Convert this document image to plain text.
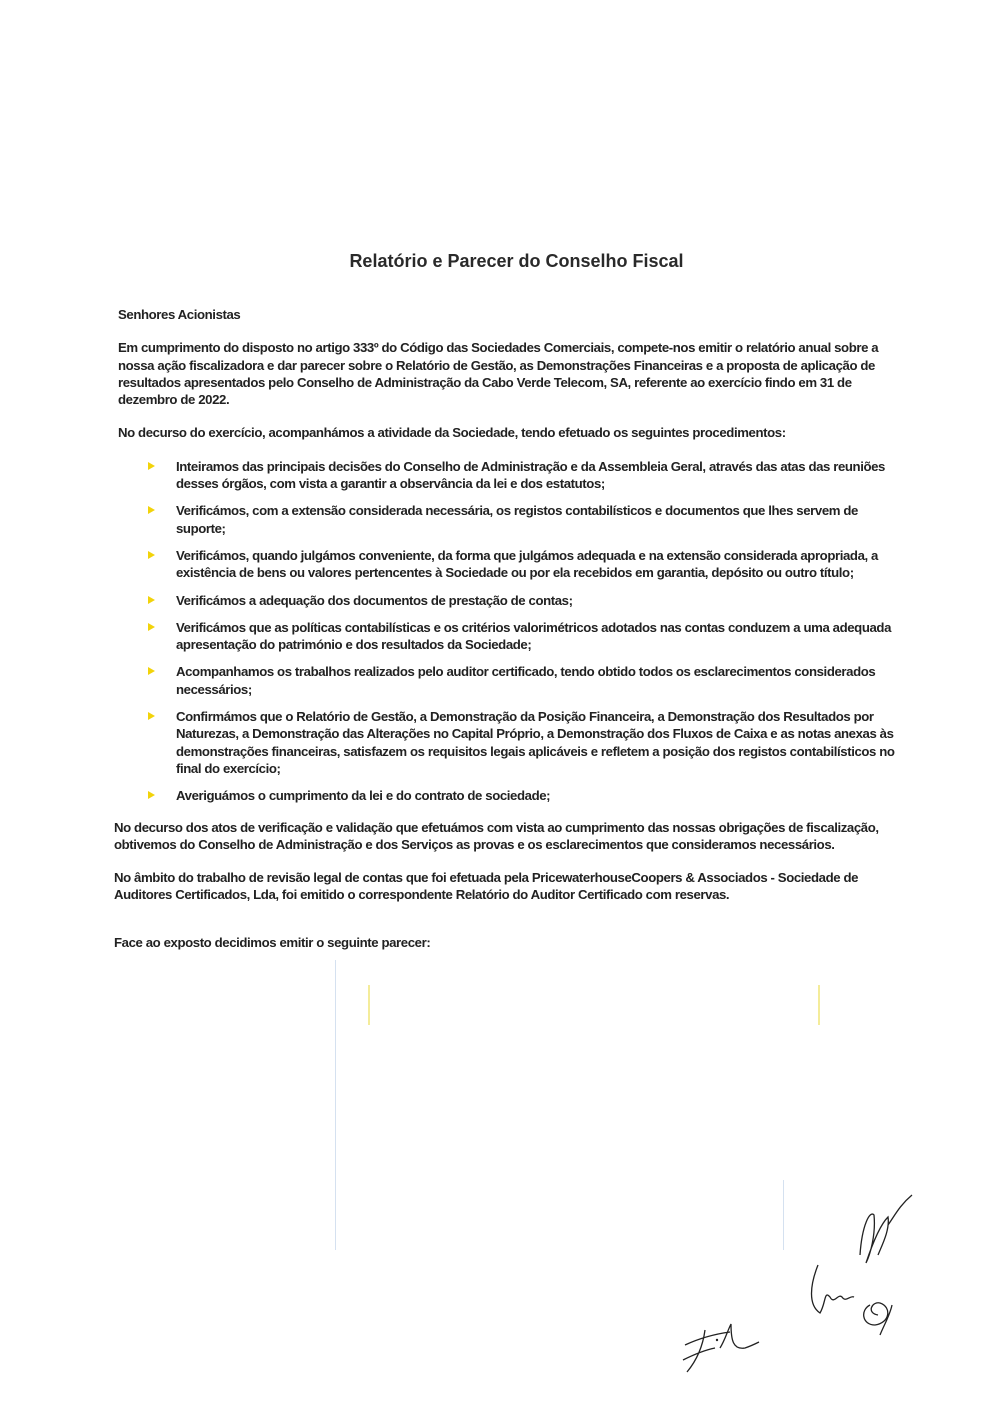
Relatório e Parecer do Conselho Fiscal
Senhores Acionistas
Em cumprimento do disposto no artigo 333º do Código das Sociedades Comerciais, compete-nos emitir o relatório anual sobre a nossa ação fiscalizadora e dar parecer sobre o Relatório de Gestão, as Demonstrações Financeiras e a proposta de aplicação de resultados apresentados pelo Conselho de Administração da Cabo Verde Telecom, SA, referente ao exercício findo em 31 de dezembro de 2022.
No decurso do exercício, acompanhámos a atividade da Sociedade, tendo efetuado os seguintes procedimentos:
Inteiramos das principais decisões do Conselho de Administração e da Assembleia Geral, através das atas das reuniões desses órgãos, com vista a garantir a observância da lei e dos estatutos;
Verificámos, com a extensão considerada necessária, os registos contabilísticos e documentos que lhes servem de suporte;
Verificámos, quando julgámos conveniente, da forma que julgámos adequada e na extensão considerada apropriada, a existência de bens ou valores pertencentes à Sociedade ou por ela recebidos em garantia, depósito ou outro título;
Verificámos a adequação dos documentos de prestação de contas;
Verificámos que as políticas contabilísticas e os critérios valorimétricos adotados nas contas conduzem a uma adequada apresentação do património e dos resultados da Sociedade;
Acompanhamos os trabalhos realizados pelo auditor certificado, tendo obtido todos os esclarecimentos considerados necessários;
Confirmámos que o Relatório de Gestão, a Demonstração da Posição Financeira, a Demonstração dos Resultados por Naturezas, a Demonstração das Alterações no Capital Próprio, a Demonstração dos Fluxos de Caixa e as notas anexas às demonstrações financeiras, satisfazem os requisitos legais aplicáveis e refletem a posição dos registos contabilísticos no final do exercício;
Averiguámos o cumprimento da lei e do contrato de sociedade;
No decurso dos atos de verificação e validação que efetuámos com vista ao cumprimento das nossas obrigações de fiscalização, obtivemos do Conselho de Administração e dos Serviços as provas e os esclarecimentos que consideramos necessários.
No âmbito do trabalho de revisão legal de contas que foi efetuada pela PricewaterhouseCoopers & Associados - Sociedade de Auditores Certificados, Lda, foi emitido o correspondente Relatório do Auditor Certificado com reservas.
Face ao exposto decidimos emitir o seguinte parecer:
